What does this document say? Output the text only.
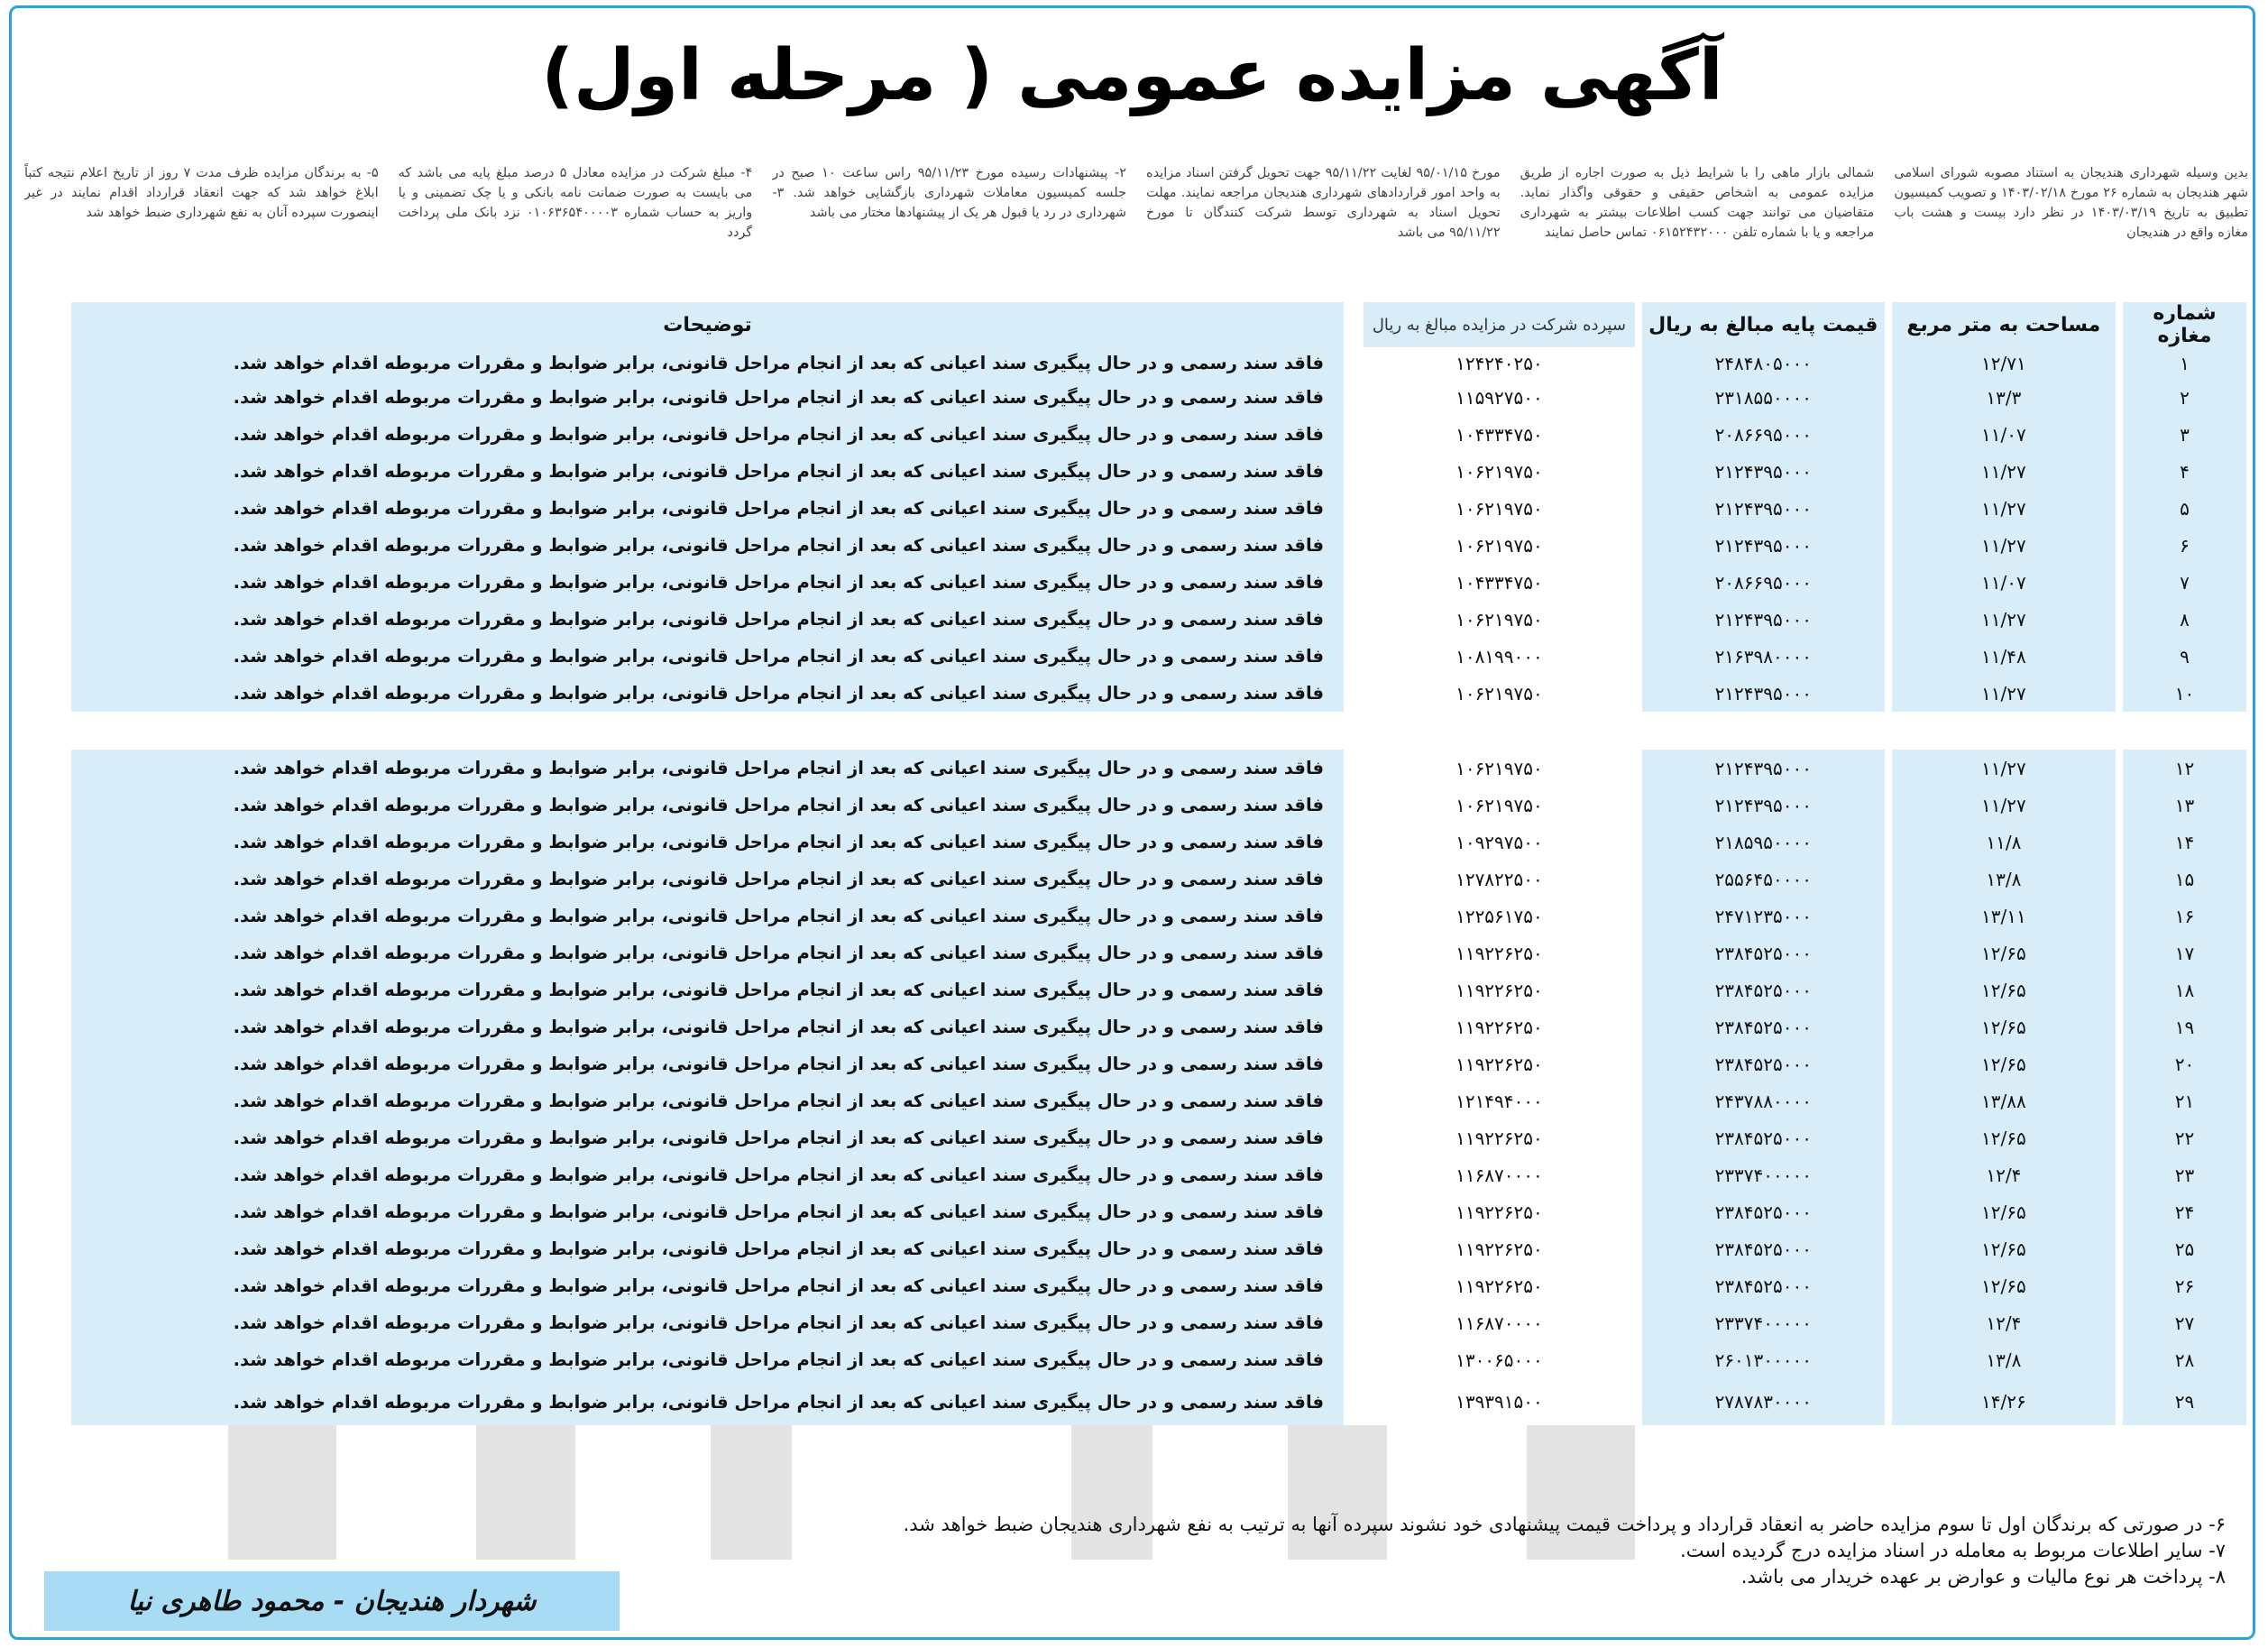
آگهی مزایده عمومی ( مرحله اول)
بدین وسیله شهرداری هندیجان به استناد مصوبه شورای اسلامی شهر هندیجان به شماره ۲۶ مورخ ۱۴۰۳/۰۲/۱۸ و تصویب کمیسیون تطبیق به تاریخ ۱۴۰۳/۰۳/۱۹ در نظر دارد بیست و هشت باب مغازه واقع در هندیجان
شمالی بازار ماهی را با شرایط ذیل به صورت اجاره از طریق مزایده عمومی به اشخاص حقیقی و حقوقی واگذار نماید. متقاضیان می توانند جهت کسب اطلاعات بیشتر به شهرداری مراجعه و یا با شماره تلفن ۰۶۱۵۲۴۳۲۰۰۰ تماس حاصل نمایند
مورخ ۹۵/۰۱/۱۵ لغایت ۹۵/۱۱/۲۲ جهت تحویل گرفتن اسناد مزایده به واحد امور قراردادهای شهرداری هندیجان مراجعه نمایند. مهلت تحویل اسناد به شهرداری توسط شرکت کنندگان تا مورخ ۹۵/۱۱/۲۲ می باشد
۲- پیشنهادات رسیده مورخ ۹۵/۱۱/۲۳ راس ساعت ۱۰ صبح در جلسه کمیسیون معاملات شهرداری بازگشایی خواهد شد. ۳- شهرداری در رد یا قبول هر یک از پیشنهادها مختار می باشد
۴- مبلغ شرکت در مزایده معادل ۵ درصد مبلغ پایه می باشد که می بایست به صورت ضمانت نامه بانکی و یا چک تضمینی و یا واریز به حساب شماره ۰۱۰۶۳۶۵۴۰۰۰۰۳ نزد بانک ملی پرداخت گردد
۵- به برندگان مزایده ظرف مدت ۷ روز از تاریخ اعلام نتیجه کتباً ابلاغ خواهد شد که جهت انعقاد قرارداد اقدام نمایند در غیر اینصورت سپرده آنان به نفع شهرداری ضبط خواهد شد
شماره مغازه	مساحت به متر مربع	قیمت پایه مبالغ به ریال	سپرده شرکت در مزایده مبالغ به ریال	توضیحات
۱	۱۲/۷۱	۲۴۸۴۸۰۵۰۰۰	۱۲۴۲۴۰۲۵۰	فاقد سند رسمی و در حال پیگیری سند اعیانی که بعد از انجام مراحل قانونی، برابر ضوابط و مقررات مربوطه اقدام خواهد شد.
۲	۱۳/۳	۲۳۱۸۵۵۰۰۰۰	۱۱۵۹۲۷۵۰۰	فاقد سند رسمی و در حال پیگیری سند اعیانی که بعد از انجام مراحل قانونی، برابر ضوابط و مقررات مربوطه اقدام خواهد شد.
۳	۱۱/۰۷	۲۰۸۶۶۹۵۰۰۰	۱۰۴۳۳۴۷۵۰	فاقد سند رسمی و در حال پیگیری سند اعیانی که بعد از انجام مراحل قانونی، برابر ضوابط و مقررات مربوطه اقدام خواهد شد.
۴	۱۱/۲۷	۲۱۲۴۳۹۵۰۰۰	۱۰۶۲۱۹۷۵۰	فاقد سند رسمی و در حال پیگیری سند اعیانی که بعد از انجام مراحل قانونی، برابر ضوابط و مقررات مربوطه اقدام خواهد شد.
۵	۱۱/۲۷	۲۱۲۴۳۹۵۰۰۰	۱۰۶۲۱۹۷۵۰	فاقد سند رسمی و در حال پیگیری سند اعیانی که بعد از انجام مراحل قانونی، برابر ضوابط و مقررات مربوطه اقدام خواهد شد.
۶	۱۱/۲۷	۲۱۲۴۳۹۵۰۰۰	۱۰۶۲۱۹۷۵۰	فاقد سند رسمی و در حال پیگیری سند اعیانی که بعد از انجام مراحل قانونی، برابر ضوابط و مقررات مربوطه اقدام خواهد شد.
۷	۱۱/۰۷	۲۰۸۶۶۹۵۰۰۰	۱۰۴۳۳۴۷۵۰	فاقد سند رسمی و در حال پیگیری سند اعیانی که بعد از انجام مراحل قانونی، برابر ضوابط و مقررات مربوطه اقدام خواهد شد.
۸	۱۱/۲۷	۲۱۲۴۳۹۵۰۰۰	۱۰۶۲۱۹۷۵۰	فاقد سند رسمی و در حال پیگیری سند اعیانی که بعد از انجام مراحل قانونی، برابر ضوابط و مقررات مربوطه اقدام خواهد شد.
۹	۱۱/۴۸	۲۱۶۳۹۸۰۰۰۰	۱۰۸۱۹۹۰۰۰	فاقد سند رسمی و در حال پیگیری سند اعیانی که بعد از انجام مراحل قانونی، برابر ضوابط و مقررات مربوطه اقدام خواهد شد.
۱۰	۱۱/۲۷	۲۱۲۴۳۹۵۰۰۰	۱۰۶۲۱۹۷۵۰	فاقد سند رسمی و در حال پیگیری سند اعیانی که بعد از انجام مراحل قانونی، برابر ضوابط و مقررات مربوطه اقدام خواهد شد.

۱۲	۱۱/۲۷	۲۱۲۴۳۹۵۰۰۰	۱۰۶۲۱۹۷۵۰	فاقد سند رسمی و در حال پیگیری سند اعیانی که بعد از انجام مراحل قانونی، برابر ضوابط و مقررات مربوطه اقدام خواهد شد.
۱۳	۱۱/۲۷	۲۱۲۴۳۹۵۰۰۰	۱۰۶۲۱۹۷۵۰	فاقد سند رسمی و در حال پیگیری سند اعیانی که بعد از انجام مراحل قانونی، برابر ضوابط و مقررات مربوطه اقدام خواهد شد.
۱۴	۱۱/۸	۲۱۸۵۹۵۰۰۰۰	۱۰۹۲۹۷۵۰۰	فاقد سند رسمی و در حال پیگیری سند اعیانی که بعد از انجام مراحل قانونی، برابر ضوابط و مقررات مربوطه اقدام خواهد شد.
۱۵	۱۳/۸	۲۵۵۶۴۵۰۰۰۰	۱۲۷۸۲۲۵۰۰	فاقد سند رسمی و در حال پیگیری سند اعیانی که بعد از انجام مراحل قانونی، برابر ضوابط و مقررات مربوطه اقدام خواهد شد.
۱۶	۱۳/۱۱	۲۴۷۱۲۳۵۰۰۰	۱۲۲۵۶۱۷۵۰	فاقد سند رسمی و در حال پیگیری سند اعیانی که بعد از انجام مراحل قانونی، برابر ضوابط و مقررات مربوطه اقدام خواهد شد.
۱۷	۱۲/۶۵	۲۳۸۴۵۲۵۰۰۰	۱۱۹۲۲۶۲۵۰	فاقد سند رسمی و در حال پیگیری سند اعیانی که بعد از انجام مراحل قانونی، برابر ضوابط و مقررات مربوطه اقدام خواهد شد.
۱۸	۱۲/۶۵	۲۳۸۴۵۲۵۰۰۰	۱۱۹۲۲۶۲۵۰	فاقد سند رسمی و در حال پیگیری سند اعیانی که بعد از انجام مراحل قانونی، برابر ضوابط و مقررات مربوطه اقدام خواهد شد.
۱۹	۱۲/۶۵	۲۳۸۴۵۲۵۰۰۰	۱۱۹۲۲۶۲۵۰	فاقد سند رسمی و در حال پیگیری سند اعیانی که بعد از انجام مراحل قانونی، برابر ضوابط و مقررات مربوطه اقدام خواهد شد.
۲۰	۱۲/۶۵	۲۳۸۴۵۲۵۰۰۰	۱۱۹۲۲۶۲۵۰	فاقد سند رسمی و در حال پیگیری سند اعیانی که بعد از انجام مراحل قانونی، برابر ضوابط و مقررات مربوطه اقدام خواهد شد.
۲۱	۱۳/۸۸	۲۴۳۷۸۸۰۰۰۰	۱۲۱۴۹۴۰۰۰	فاقد سند رسمی و در حال پیگیری سند اعیانی که بعد از انجام مراحل قانونی، برابر ضوابط و مقررات مربوطه اقدام خواهد شد.
۲۲	۱۲/۶۵	۲۳۸۴۵۲۵۰۰۰	۱۱۹۲۲۶۲۵۰	فاقد سند رسمی و در حال پیگیری سند اعیانی که بعد از انجام مراحل قانونی، برابر ضوابط و مقررات مربوطه اقدام خواهد شد.
۲۳	۱۲/۴	۲۳۳۷۴۰۰۰۰۰	۱۱۶۸۷۰۰۰۰	فاقد سند رسمی و در حال پیگیری سند اعیانی که بعد از انجام مراحل قانونی، برابر ضوابط و مقررات مربوطه اقدام خواهد شد.
۲۴	۱۲/۶۵	۲۳۸۴۵۲۵۰۰۰	۱۱۹۲۲۶۲۵۰	فاقد سند رسمی و در حال پیگیری سند اعیانی که بعد از انجام مراحل قانونی، برابر ضوابط و مقررات مربوطه اقدام خواهد شد.
۲۵	۱۲/۶۵	۲۳۸۴۵۲۵۰۰۰	۱۱۹۲۲۶۲۵۰	فاقد سند رسمی و در حال پیگیری سند اعیانی که بعد از انجام مراحل قانونی، برابر ضوابط و مقررات مربوطه اقدام خواهد شد.
۲۶	۱۲/۶۵	۲۳۸۴۵۲۵۰۰۰	۱۱۹۲۲۶۲۵۰	فاقد سند رسمی و در حال پیگیری سند اعیانی که بعد از انجام مراحل قانونی، برابر ضوابط و مقررات مربوطه اقدام خواهد شد.
۲۷	۱۲/۴	۲۳۳۷۴۰۰۰۰۰	۱۱۶۸۷۰۰۰۰	فاقد سند رسمی و در حال پیگیری سند اعیانی که بعد از انجام مراحل قانونی، برابر ضوابط و مقررات مربوطه اقدام خواهد شد.
۲۸	۱۳/۸	۲۶۰۱۳۰۰۰۰۰	۱۳۰۰۶۵۰۰۰	فاقد سند رسمی و در حال پیگیری سند اعیانی که بعد از انجام مراحل قانونی، برابر ضوابط و مقررات مربوطه اقدام خواهد شد.
۲۹	۱۴/۲۶	۲۷۸۷۸۳۰۰۰۰	۱۳۹۳۹۱۵۰۰	فاقد سند رسمی و در حال پیگیری سند اعیانی که بعد از انجام مراحل قانونی، برابر ضوابط و مقررات مربوطه اقدام خواهد شد.
۶- در صورتی که برندگان اول تا سوم مزایده حاضر به انعقاد قرارداد و پرداخت قیمت پیشنهادی خود نشوند سپرده آنها به ترتیب به نفع شهرداری هندیجان ضبط خواهد شد.
۷- سایر اطلاعات مربوط به معامله در اسناد مزایده درج گردیده است.
۸- پرداخت هر نوع مالیات و عوارض بر عهده خریدار می باشد.
شهردار هندیجان - محمود طاهری نیا
